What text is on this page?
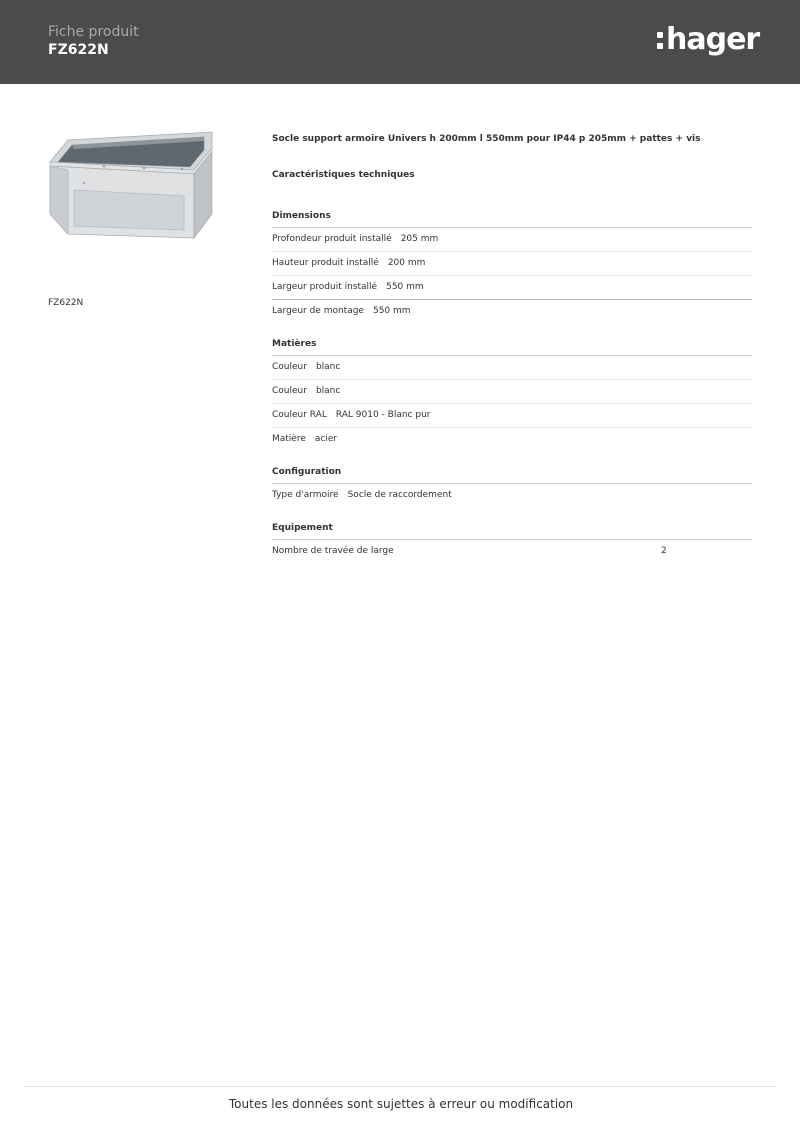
Fiche produit
FZ622N	hager
FZ622N
Socle support armoire Univers h 200mm l 550mm pour IP44 p 205mm + pattes + vis
Caractéristiques techniques
Dimensions
Profondeur produit installé 205 mm
Hauteur produit installé 200 mm
Largeur produit installé 550 mm
Largeur de montage 550 mm
Matières
Couleur blanc
Couleur blanc
Couleur RAL RAL 9010 - Blanc pur
Matière acier
Configuration
Type d'armoire Socle de raccordement
Equipement
Nombre de travée de large	2
Toutes les données sont sujettes à erreur ou modification
